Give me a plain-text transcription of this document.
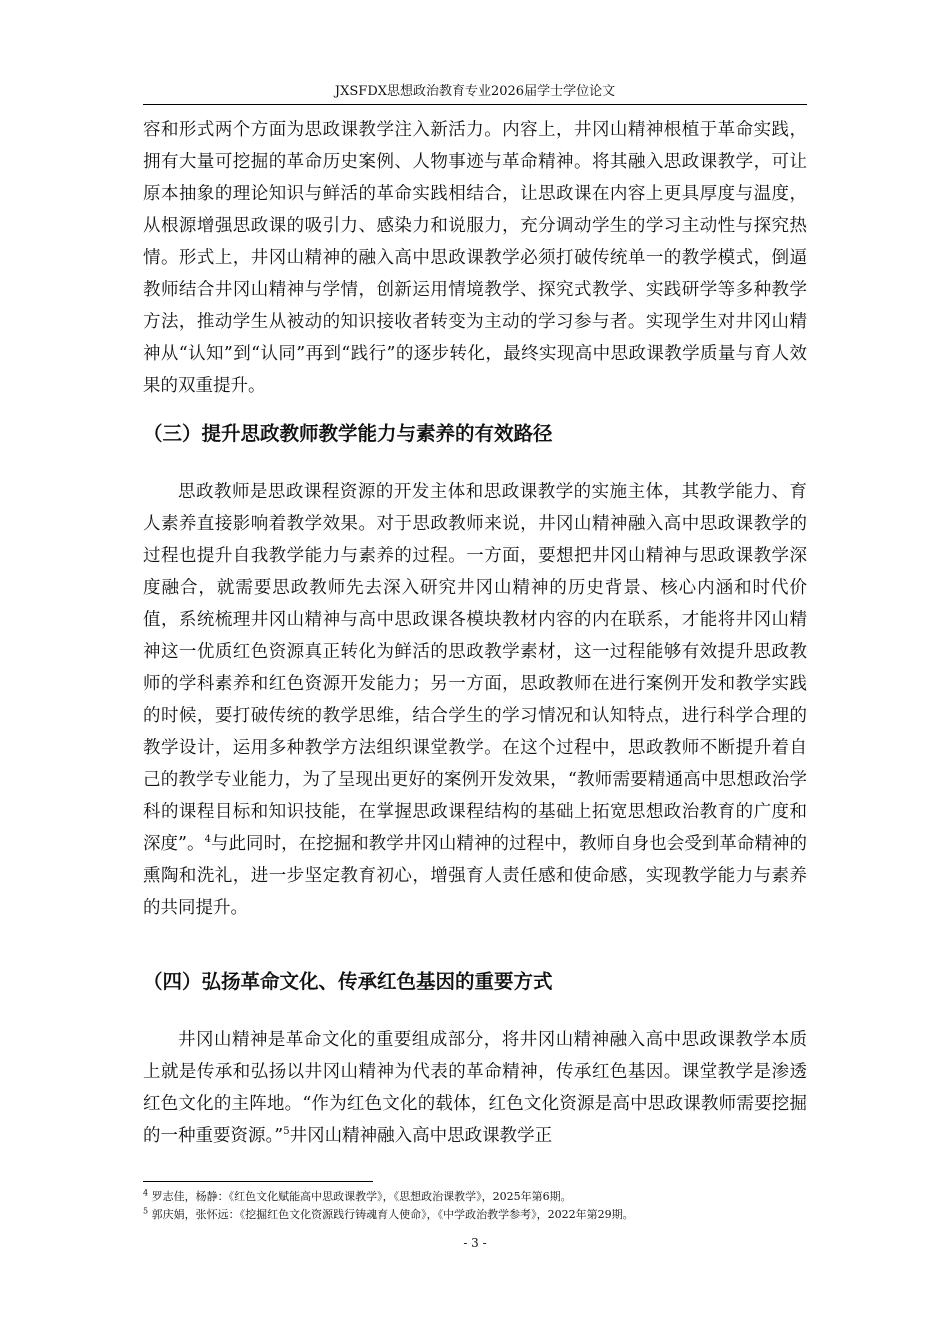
JXSFDX思想政治教育专业2026届学士学位论文

容和形式两个方面为思政课教学注入新活力。内容上，井冈山精神根植于革命实践，拥有大量可挖掘的革命历史案例、人物事迹与革命精神。将其融入思政课教学，可让原本抽象的理论知识与鲜活的革命实践相结合，让思政课在内容上更具厚度与温度，从根源增强思政课的吸引力、感染力和说服力，充分调动学生的学习主动性与探究热情。形式上，井冈山精神的融入高中思政课教学必须打破传统单一的教学模式，倒逼教师结合井冈山精神与学情，创新运用情境教学、探究式教学、实践研学等多种教学方法，推动学生从被动的知识接收者转变为主动的学习参与者。实现学生对井冈山精神从“认知”到“认同”再到“践行”的逐步转化，最终实现高中思政课教学质量与育人效果的双重提升。

（三）提升思政教师教学能力与素养的有效路径

思政教师是思政课程资源的开发主体和思政课教学的实施主体，其教学能力、育人素养直接影响着教学效果。对于思政教师来说，井冈山精神融入高中思政课教学的过程也提升自我教学能力与素养的过程。一方面，要想把井冈山精神与思政课教学深度融合，就需要思政教师先去深入研究井冈山精神的历史背景、核心内涵和时代价值，系统梳理井冈山精神与高中思政课各模块教材内容的内在联系，才能将井冈山精神这一优质红色资源真正转化为鲜活的思政教学素材，这一过程能够有效提升思政教师的学科素养和红色资源开发能力；另一方面，思政教师在进行案例开发和教学实践的时候，要打破传统的教学思维，结合学生的学习情况和认知特点，进行科学合理的教学设计，运用多种教学方法组织课堂教学。在这个过程中，思政教师不断提升着自己的教学专业能力，为了呈现出更好的案例开发效果，“教师需要精通高中思想政治学科的课程目标和知识技能，在掌握思政课程结构的基础上拓宽思想政治教育的广度和深度”。$^4$与此同时，在挖掘和教学井冈山精神的过程中，教师自身也会受到革命精神的熏陶和洗礼，进一步坚定教育初心，增强育人责任感和使命感，实现教学能力与素养的共同提升。

（四）弘扬革命文化、传承红色基因的重要方式

井冈山精神是革命文化的重要组成部分，将井冈山精神融入高中思政课教学本质上就是传承和弘扬以井冈山精神为代表的革命精神，传承红色基因。课堂教学是渗透红色文化的主阵地。“作为红色文化的载体，红色文化资源是高中思政课教师需要挖掘的一种重要资源。”$^5$井冈山精神融入高中思政课教学正

$^4$ 罗志佳，杨静：《红色文化赋能高中思政课教学》，《思想政治课教学》，2025年第6期。
$^5$ 郭庆娟，张怀远：《挖掘红色文化资源践行铸魂育人使命》，《中学政治教学参考》，2022年第29期。
- 3 -
